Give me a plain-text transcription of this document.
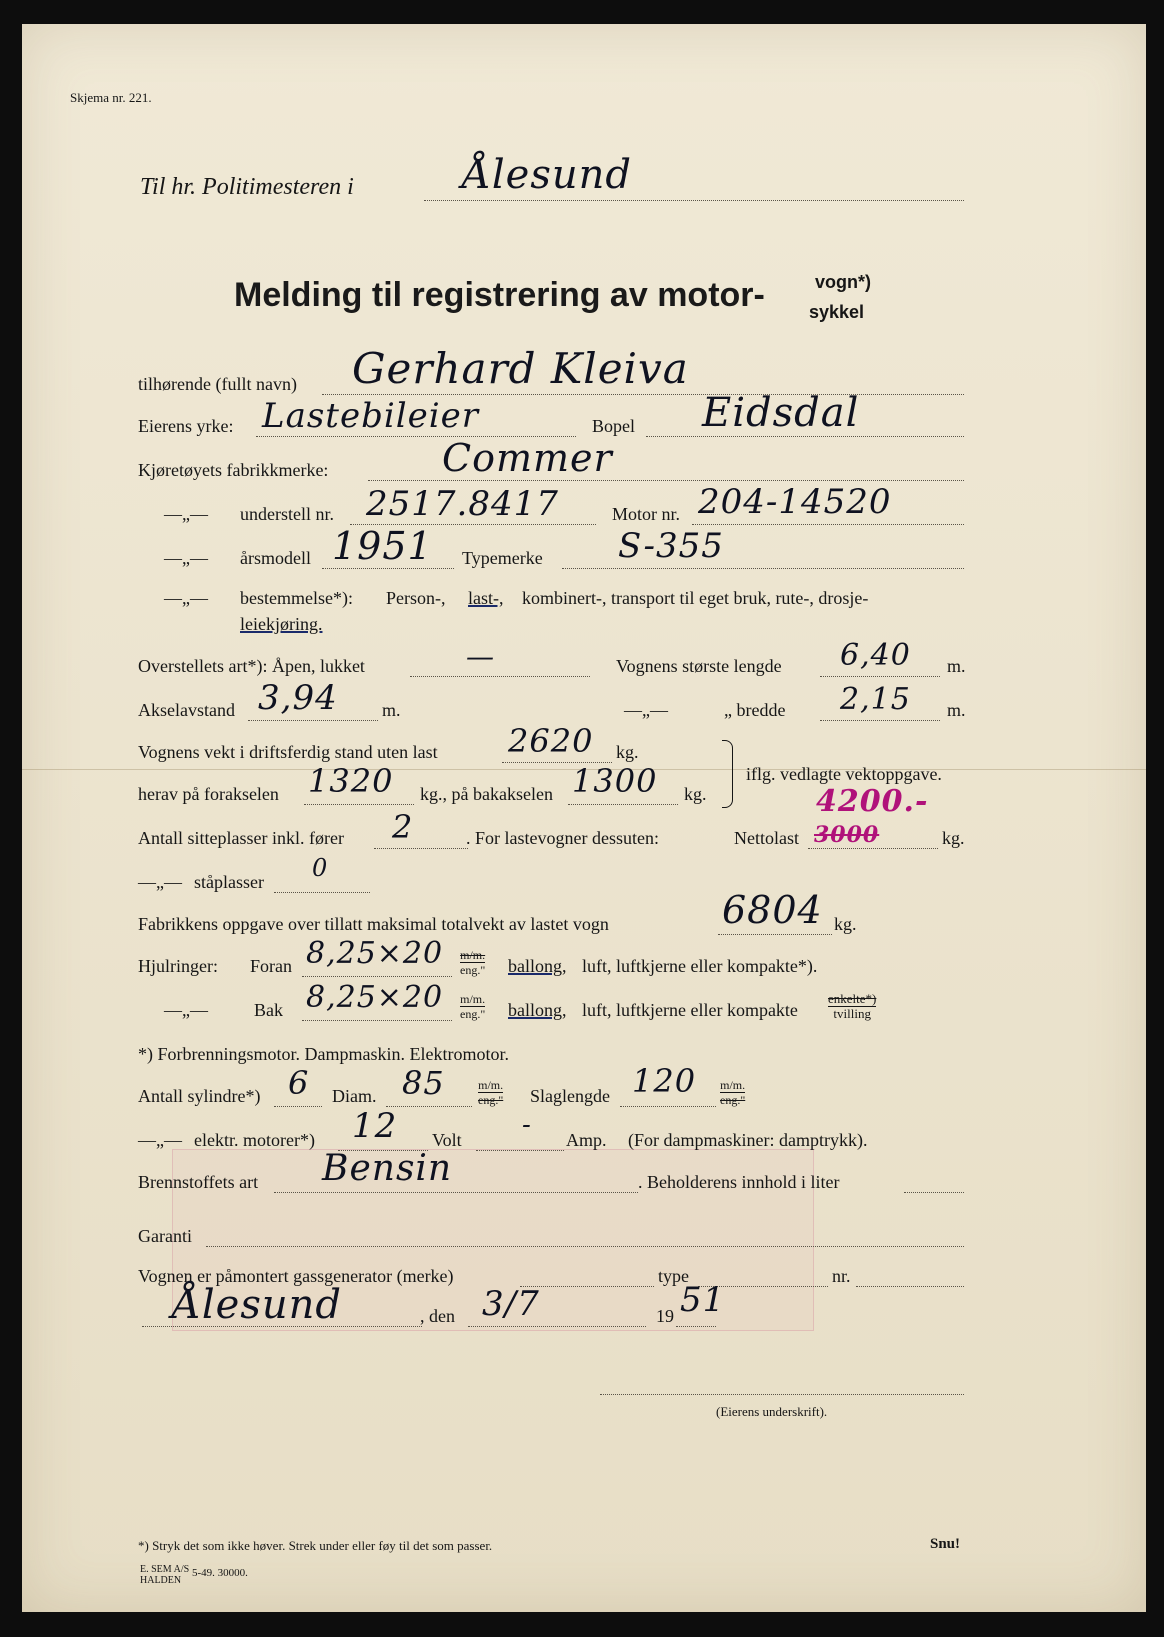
Skjema nr. 221.
Til hr. Politimesteren i	Ålesund
Melding til registrering av motor-	vogn*)
sykkel
tilhørende (fullt navn) Gerhard Kleiva
Eierens yrke: Lastebileier	Bopel Eidsdal
Kjøretøyets fabrikkmerke:	Commer
—„— understell nr. 2517.8417	Motor nr. 204-14520
—„— årsmodell 1951 Typemerke S-355
—„— bestemmelse*): Person-, last-, kombinert-, transport til eget bruk, rute-, drosje-
leiekjøring.
Overstellets art*): Åpen, lukket	—	Vognens største lengde 6,40 m.
Akselavstand 3,94 m.	—„—	„ bredde 2,15 m.
Vognens vekt i driftsferdig stand uten last 2620 kg.
herav på forakselen 1320 kg., på bakakselen 1300 kg.
iflg. vedlagte vektoppgave.
4200.-
Antall sitteplasser inkl. fører 2	. For lastevogner dessuten:	Nettolast 3000	kg.
—„— ståplasser 0
Fabrikkens oppgave over tillatt maksimal totalvekt av lastet vogn	6804 kg.
Hjulringer: Foran 8,25×20 m/m.
eng." ballong, luft, luftkjerne eller kompakte*).
—„—	Bak 8,25×20 m/m.
eng." ballong, luft, luftkjerne eller kompakte
enkelte*)
tvilling
*) Forbrenningsmotor. Dampmaskin. Elektromotor.
Antall sylindre*) 6 Diam. 85	m/m.
eng." Slaglengde 120 m/m.
eng."
—„— elektr. motorer*) 12 Volt - Amp. (For dampmaskiner: damptrykk).
Brennstoffets art Bensin	. Beholderens innhold i liter
Garanti
Vognen er påmontert gassgenerator (merke)	type	nr.
Ålesund	, den 3/7	19 51
(Eierens underskrift).
*) Stryk det som ikke høver. Strek under eller føy til det som passer.	Snu!
E. SEM A/S
HALDEN
5-49. 30000.
